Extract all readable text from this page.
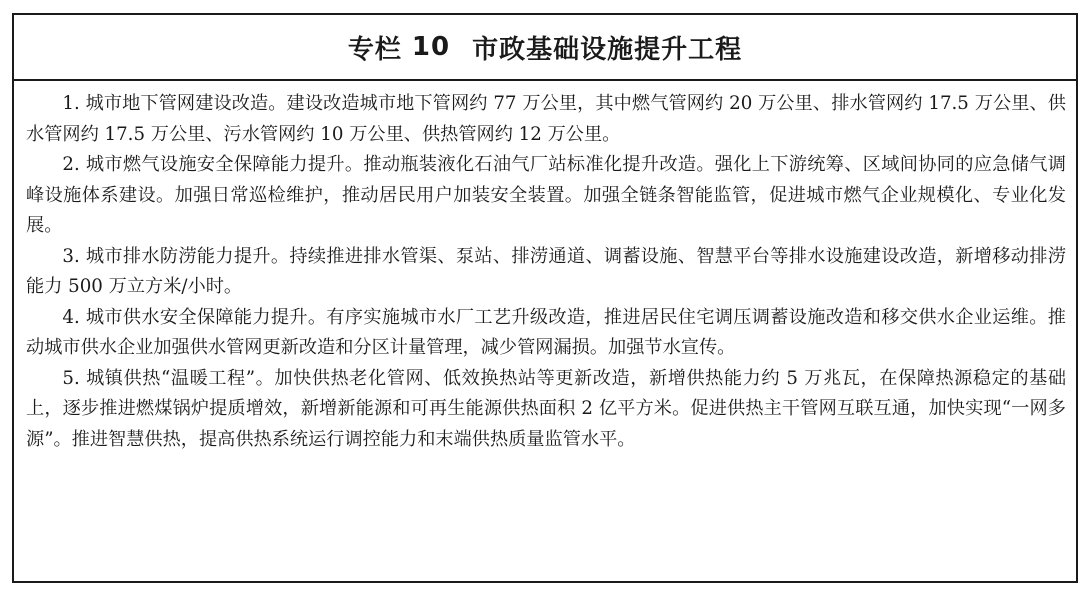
专栏 10 市政基础设施提升工程

1. 城市地下管网建设改造。建设改造城市地下管网约 77 万公里，其中燃气管网约 20 万公里、排水管网约 17.5 万公里、供水管网约 17.5 万公里、污水管网约 10 万公里、供热管网约 12 万公里。

2. 城市燃气设施安全保障能力提升。推动瓶装液化石油气厂站标准化提升改造。强化上下游统筹、区域间协同的应急储气调峰设施体系建设。加强日常巡检维护，推动居民用户加装安全装置。加强全链条智能监管，促进城市燃气企业规模化、专业化发展。

3. 城市排水防涝能力提升。持续推进排水管渠、泵站、排涝通道、调蓄设施、智慧平台等排水设施建设改造，新增移动排涝能力 500 万立方米/小时。

4. 城市供水安全保障能力提升。有序实施城市水厂工艺升级改造，推进居民住宅调压调蓄设施改造和移交供水企业运维。推动城市供水企业加强供水管网更新改造和分区计量管理，减少管网漏损。加强节水宣传。

5. 城镇供热“温暖工程”。加快供热老化管网、低效换热站等更新改造，新增供热能力约 5 万兆瓦，在保障热源稳定的基础上，逐步推进燃煤锅炉提质增效，新增新能源和可再生能源供热面积 2 亿平方米。促进供热主干管网互联互通，加快实现“一网多源”。推进智慧供热，提高供热系统运行调控能力和末端供热质量监管水平。
